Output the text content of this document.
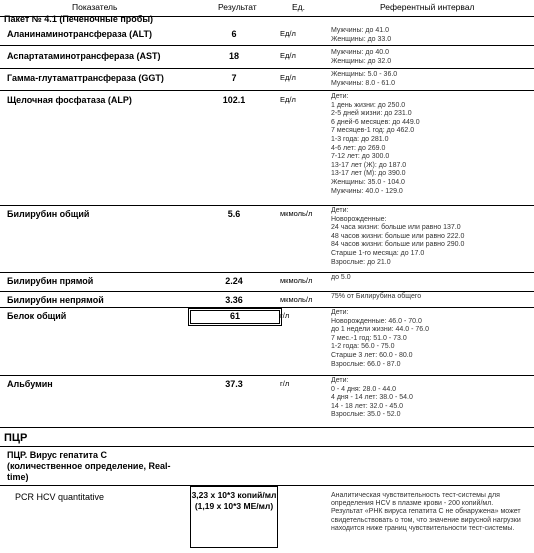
Показатель	Результат	Ед.	Референтный интервал
Пакет № 4.1 (Печеночные пробы)
Аланинаминотрансфераза (ALT)	6	Ед/л	Мужчины: до 41.0
Женщины: до 33.0
Аспартатаминотрансфераза (AST)	18	Ед/л	Мужчины: до 40.0
Женщины: до 32.0
Гамма-глутаматтрансфераза (GGT)	7	Ед/л	Женщины: 5.0 - 36.0
Мужчины: 8.0 - 61.0
Щелочная фосфатаза (ALP)	102.1	Ед/л	Дети:
1 день жизни: до 250.0
2-5 дней жизни: до 231.0
6 дней-6 месяцев: до 449.0
7 месяцев-1 год: до 462.0
1-3 года: до 281.0
4-6 лет: до 269.0
7-12 лет: до 300.0
13-17 лет (Ж): до 187.0
13-17 лет (М): до 390.0
Женщины: 35.0 - 104.0
Мужчины: 40.0 - 129.0
Билирубин общий	5.6	мкмоль/л	Дети:
Новорожденные:
24 часа жизни: больше или равно 137.0
48 часов жизни: больше или равно 222.0
84 часов жизни: больше или равно 290.0
Старше 1-го месяца: до 17.0
Взрослые: до 21.0
Билирубин прямой	2.24	мкмоль/л	до 5.0
Билирубин непрямой	3.36	мкмоль/л	75% от Билирубина общего
Белок общий	61	г/л	Дети:
Новорожденные: 46.0 - 70.0
до 1 недели жизни: 44.0 - 76.0
7 мес.-1 год: 51.0 - 73.0
1-2 года: 56.0 - 75.0
Старше 3 лет: 60.0 - 80.0
Взрослые: 66.0 - 87.0
Альбумин	37.3	г/л	Дети:
0 - 4 дня: 28.0 - 44.0
4 дня - 14 лет: 38.0 - 54.0
14 - 18 лет: 32.0 - 45.0
Взрослые: 35.0 - 52.0
ПЦР
ПЦР. Вирус гепатита С (количественное определение, Real-time)
PCR HCV quantitative	3,23 x 10*3 копий/мл (1,19 x 10*3 МЕ/мл)
Аналитическая чувствительность тест-системы для определения HCV в плазме крови - 200 копий/мл.
Результат «РНК вируса гепатита С не обнаружена» может свидетельствовать о том, что значение вирусной нагрузки находится ниже границ чувствительности тест-системы.
